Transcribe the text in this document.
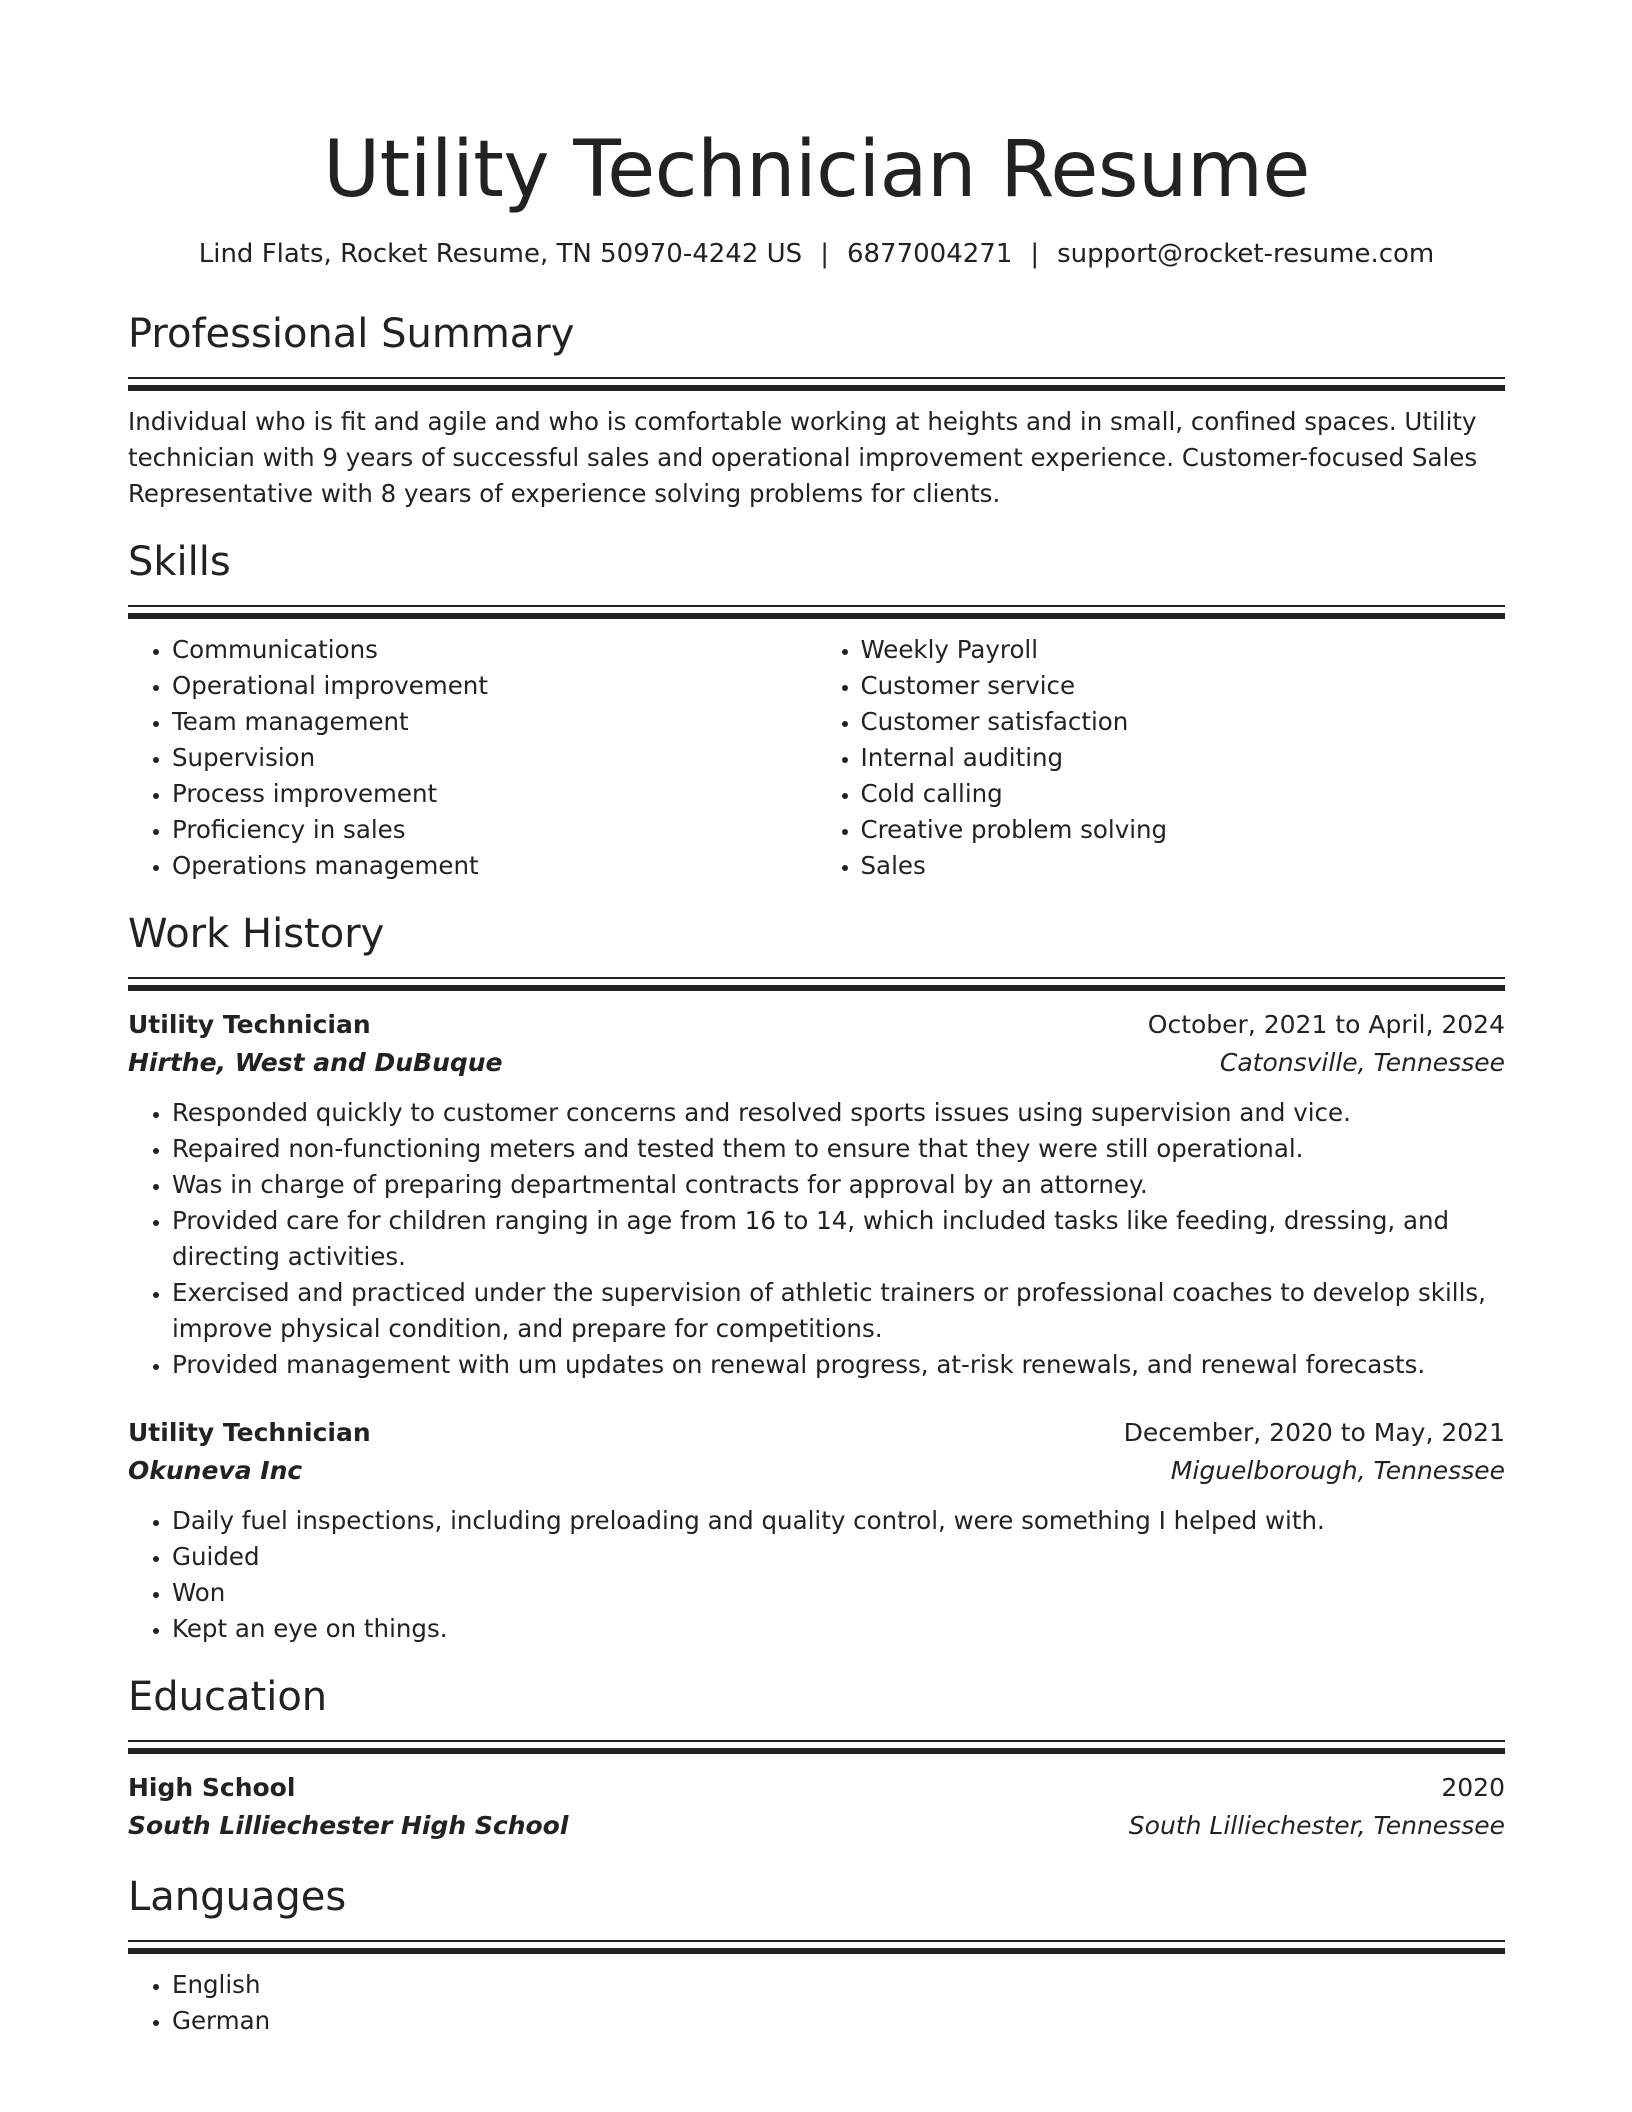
Utility Technician Resume
Lind Flats, Rocket Resume, TN 50970-4242 US | 6877004271 | support@rocket-resume.com
Professional Summary
Individual who is fit and agile and who is comfortable working at heights and in small, confined spaces. Utility technician with 9 years of successful sales and operational improvement experience. Customer-focused Sales Representative with 8 years of experience solving problems for clients.
Skills
• Communications
• Operational improvement
• Team management
• Supervision
• Process improvement
• Proficiency in sales
• Operations management
• Weekly Payroll
• Customer service
• Customer satisfaction
• Internal auditing
• Cold calling
• Creative problem solving
• Sales
Work History
Utility Technician	October, 2021 to April, 2024
Hirthe, West and DuBuque	Catonsville, Tennessee
• Responded quickly to customer concerns and resolved sports issues using supervision and vice.
• Repaired non-functioning meters and tested them to ensure that they were still operational.
• Was in charge of preparing departmental contracts for approval by an attorney.
• Provided care for children ranging in age from 16 to 14, which included tasks like feeding, dressing, and directing activities.
• Exercised and practiced under the supervision of athletic trainers or professional coaches to develop skills, improve physical condition, and prepare for competitions.
• Provided management with um updates on renewal progress, at-risk renewals, and renewal forecasts.
Utility Technician	December, 2020 to May, 2021
Okuneva Inc	Miguelborough, Tennessee
• Daily fuel inspections, including preloading and quality control, were something I helped with.
• Guided
• Won
• Kept an eye on things.
Education
High School	2020
South Lilliechester High School	South Lilliechester, Tennessee
Languages
• English
• German
